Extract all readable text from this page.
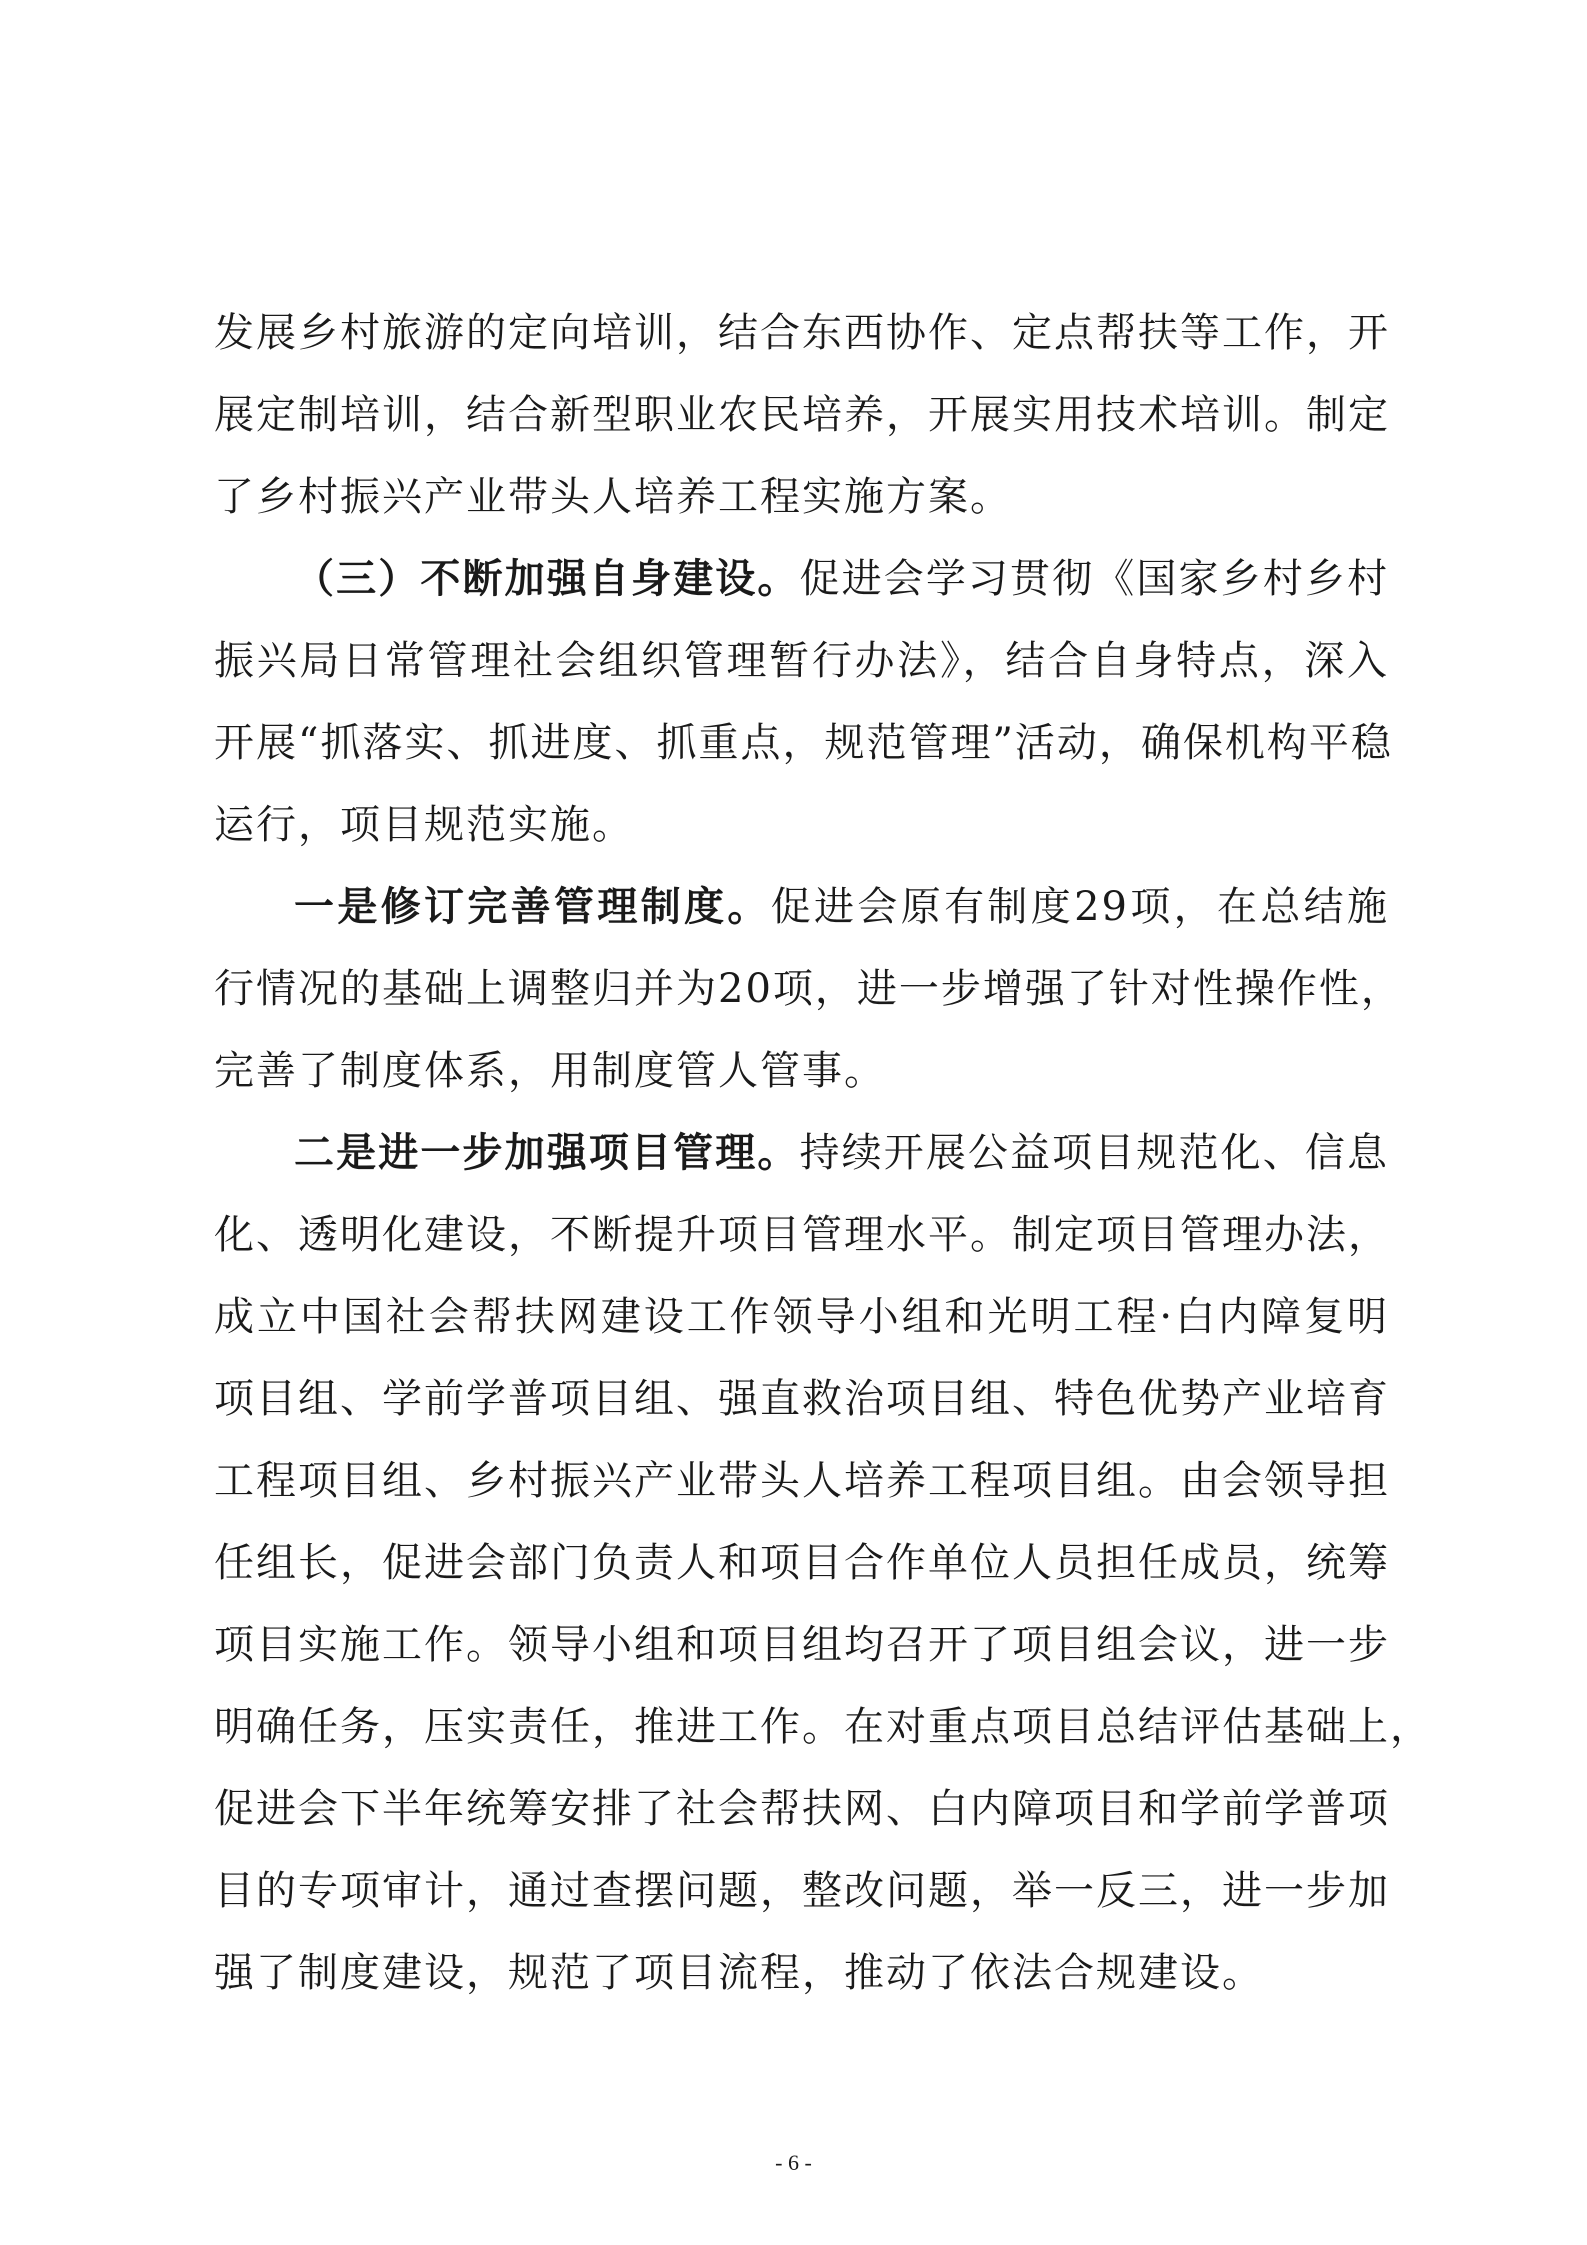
发展乡村旅游的定向培训，结合东西协作、定点帮扶等工作，开
展定制培训，结合新型职业农民培养，开展实用技术培训。制定
了乡村振兴产业带头人培养工程实施方案。
（三）不断加强自身建设。促进会学习贯彻《国家乡村乡村
振兴局日常管理社会组织管理暂行办法》，结合自身特点，深入
开展“抓落实、抓进度、抓重点，规范管理”活动，确保机构平稳
运行，项目规范实施。
一是修订完善管理制度。促进会原有制度29项，在总结施
行情况的基础上调整归并为20项，进一步增强了针对性操作性，
完善了制度体系，用制度管人管事。
二是进一步加强项目管理。持续开展公益项目规范化、信息
化、透明化建设，不断提升项目管理水平。制定项目管理办法，
成立中国社会帮扶网建设工作领导小组和光明工程·白内障复明
项目组、学前学普项目组、强直救治项目组、特色优势产业培育
工程项目组、乡村振兴产业带头人培养工程项目组。由会领导担
任组长，促进会部门负责人和项目合作单位人员担任成员，统筹
项目实施工作。领导小组和项目组均召开了项目组会议，进一步
明确任务，压实责任，推进工作。在对重点项目总结评估基础上，
促进会下半年统筹安排了社会帮扶网、白内障项目和学前学普项
目的专项审计，通过查摆问题，整改问题，举一反三，进一步加
强了制度建设，规范了项目流程，推动了依法合规建设。
- 6 -
